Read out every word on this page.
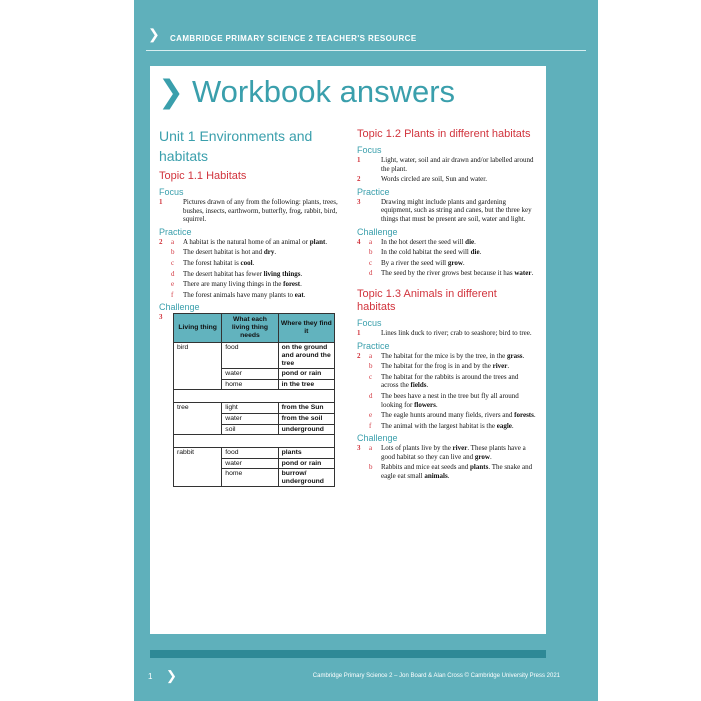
❯ CAMBRIDGE PRIMARY SCIENCE 2 TEACHER'S RESOURCE
❯ Workbook answers
Unit 1 Environments and habitats
Topic 1.1 Habitats
Focus
1	Pictures drawn of any from the following: plants, trees, bushes, insects, earthworm, butterfly, frog, rabbit, bird, squirrel.
Practice
2 a A habitat is the natural home of an animal or plant.
b The desert habitat is hot and dry.
c The forest habitat is cool.
d The desert habitat has fewer living things.
e There are many living things in the forest.
f The forest animals have many plants to eat.
Challenge
3
Living thing	What each living thing needs	Where they find it
bird	food	on the ground and around the tree
	water	pond or rain
	home	in the tree

tree	light	from the Sun
	water	from the soil
	soil	underground

rabbit	food	plants
	water	pond or rain
	home	burrow/ underground
Topic 1.2 Plants in different habitats
Focus
1	Light, water, soil and air drawn and/or labelled around the plant.
2	Words circled are soil, Sun and water.
Practice
3	Drawing might include plants and gardening equipment, such as string and canes, but the three key things that must be present are soil, water and light.
Challenge
4 a In the hot desert the seed will die.
b In the cold habitat the seed will die.
c By a river the seed will grow.
d The seed by the river grows best because it has water.
Topic 1.3 Animals in different habitats
Focus
1	Lines link duck to river; crab to seashore; bird to tree.
Practice
2 a The habitat for the mice is by the tree, in the grass.
b The habitat for the frog is in and by the river.
c The habitat for the rabbits is around the trees and across the fields.
d The bees have a nest in the tree but fly all around looking for flowers.
e The eagle hunts around many fields, rivers and forests.
f The animal with the largest habitat is the eagle.
Challenge
3 a Lots of plants live by the river. These plants have a good habitat so they can live and grow.
b Rabbits and mice eat seeds and plants. The snake and eagle eat small animals.
1 ❯	Cambridge Primary Science 2 – Jon Board & Alan Cross © Cambridge University Press 2021
